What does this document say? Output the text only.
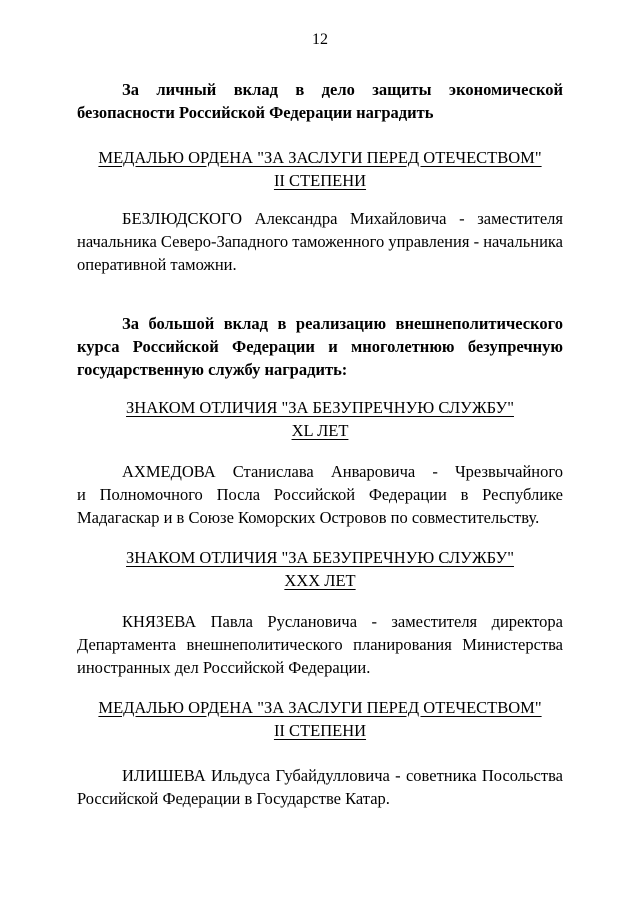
12
За личный вклад в дело защиты экономической
безопасности Российской Федерации наградить
МЕДАЛЬЮ ОРДЕНА "ЗА ЗАСЛУГИ ПЕРЕД ОТЕЧЕСТВОМ"
II СТЕПЕНИ
БЕЗЛЮДСКОГО Александра Михайловича - заместителя
начальника Северо-Западного таможенного управления - начальника
оперативной таможни.
За большой вклад в реализацию внешнеполитического
курса Российской Федерации и многолетнюю безупречную
государственную службу наградить:
ЗНАКОМ ОТЛИЧИЯ "ЗА БЕЗУПРЕЧНУЮ СЛУЖБУ"
XL ЛЕТ
АХМЕДОВА Станислава Анваровича - Чрезвычайного
и Полномочного Посла Российской Федерации в Республике
Мадагаскар и в Союзе Коморских Островов по совместительству.
ЗНАКОМ ОТЛИЧИЯ "ЗА БЕЗУПРЕЧНУЮ СЛУЖБУ"
XXX ЛЕТ
КНЯЗЕВА Павла Руслановича - заместителя директора
Департамента внешнеполитического планирования Министерства
иностранных дел Российской Федерации.
МЕДАЛЬЮ ОРДЕНА "ЗА ЗАСЛУГИ ПЕРЕД ОТЕЧЕСТВОМ"
II СТЕПЕНИ
ИЛИШЕВА Ильдуса Губайдулловича - советника Посольства
Российской Федерации в Государстве Катар.
